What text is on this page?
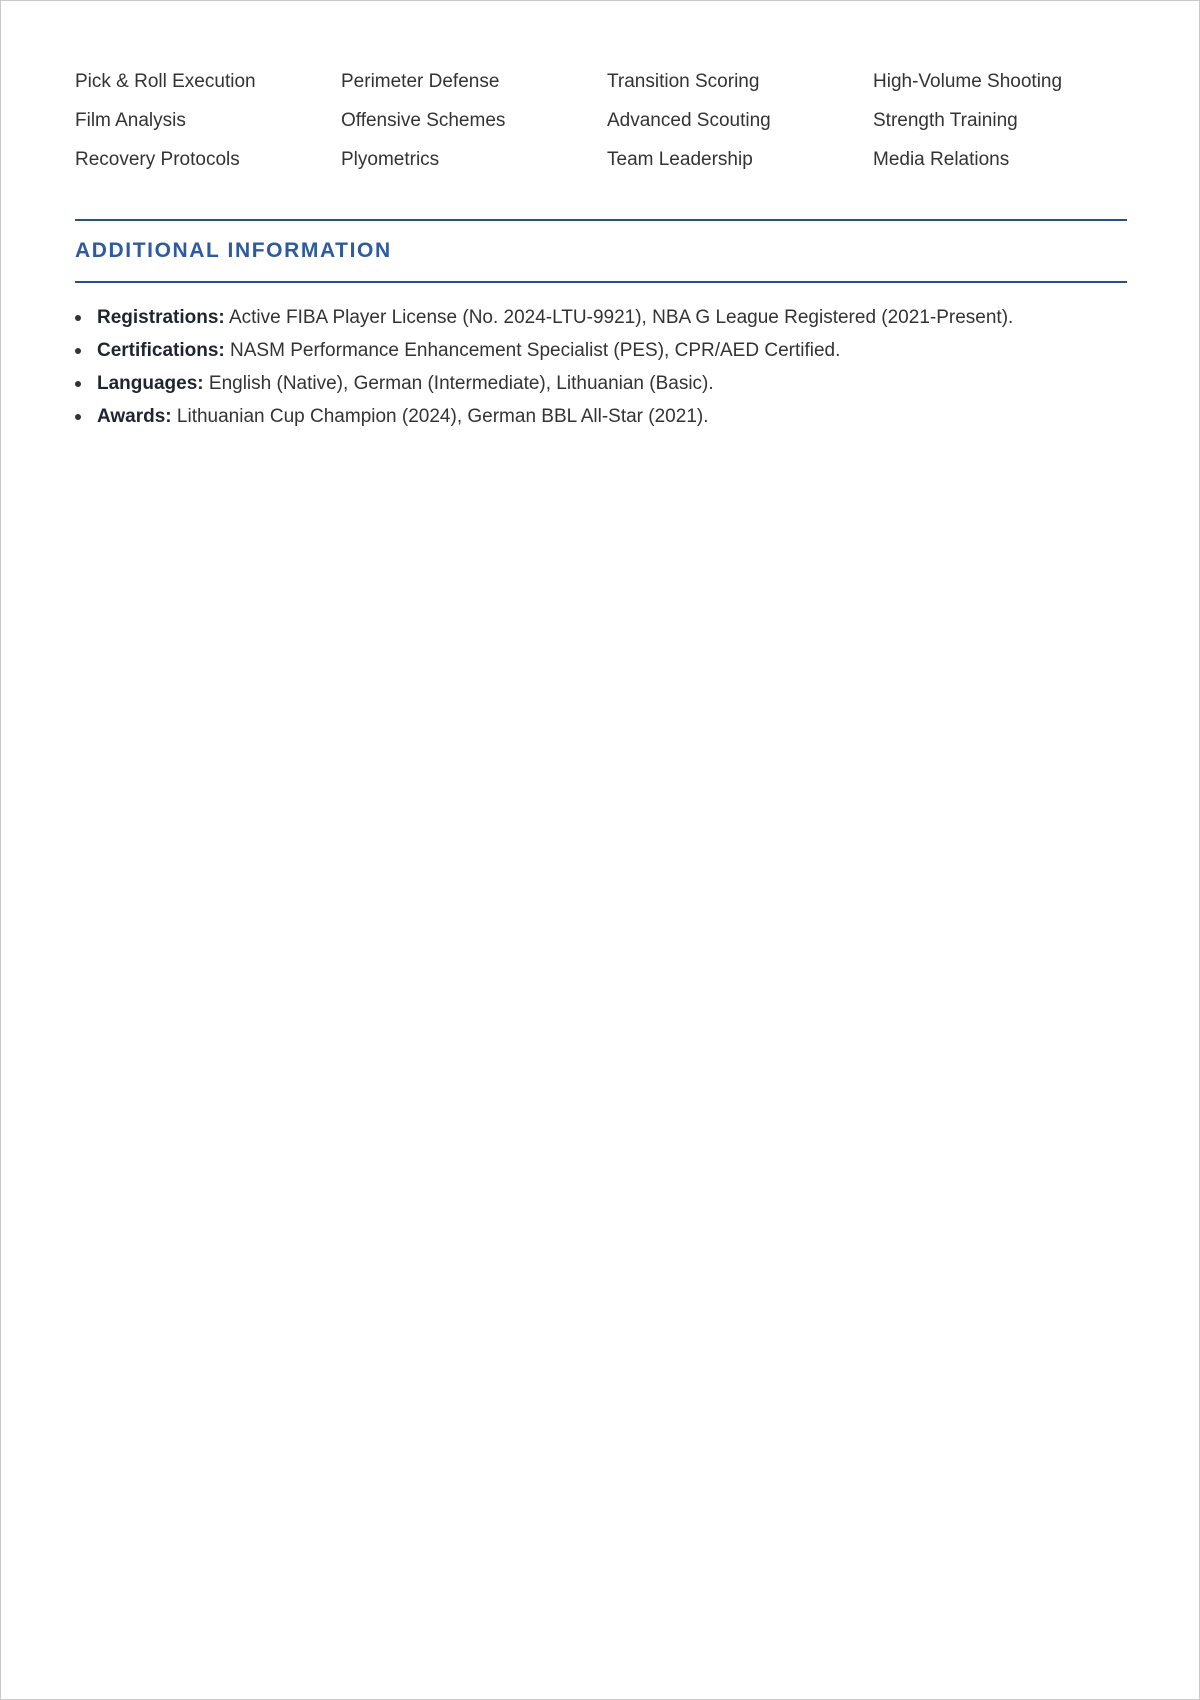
Pick & Roll Execution	Perimeter Defense	Transition Scoring	High-Volume Shooting
Film Analysis	Offensive Schemes	Advanced Scouting	Strength Training
Recovery Protocols	Plyometrics	Team Leadership	Media Relations
ADDITIONAL INFORMATION
Registrations: Active FIBA Player License (No. 2024-LTU-9921), NBA G League Registered (2021-Present).
Certifications: NASM Performance Enhancement Specialist (PES), CPR/AED Certified.
Languages: English (Native), German (Intermediate), Lithuanian (Basic).
Awards: Lithuanian Cup Champion (2024), German BBL All-Star (2021).
